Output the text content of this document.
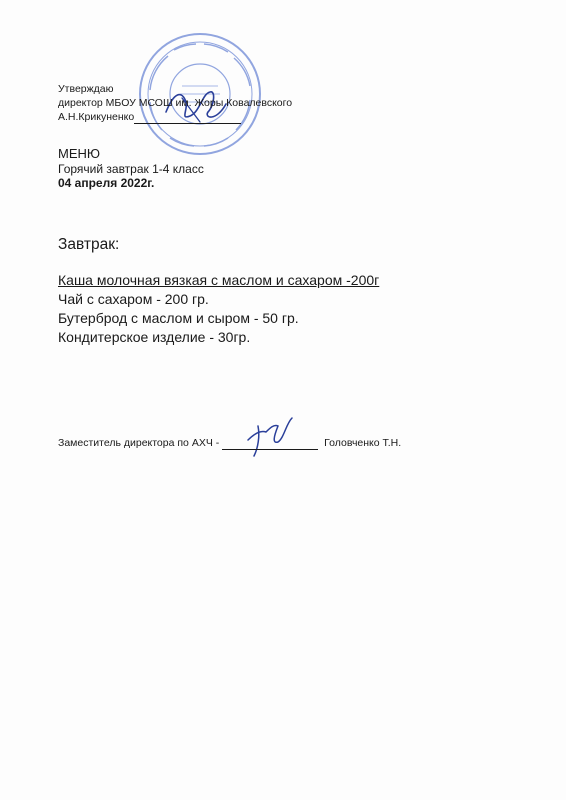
Утверждаю
директор МБОУ МСОШ им. Жоры Ковалевского
А.Н.Крикуненко
МЕНЮ
Горячий завтрак 1-4 класс
04 апреля 2022г.
Завтрак:
Каша молочная вязкая с маслом и сахаром -200г
Чай с сахаром - 200 гр.
Бутерброд с маслом и сыром - 50 гр.
Кондитерское изделие - 30гр.
Заместитель директора по АХЧ -	Головченко Т.Н.
